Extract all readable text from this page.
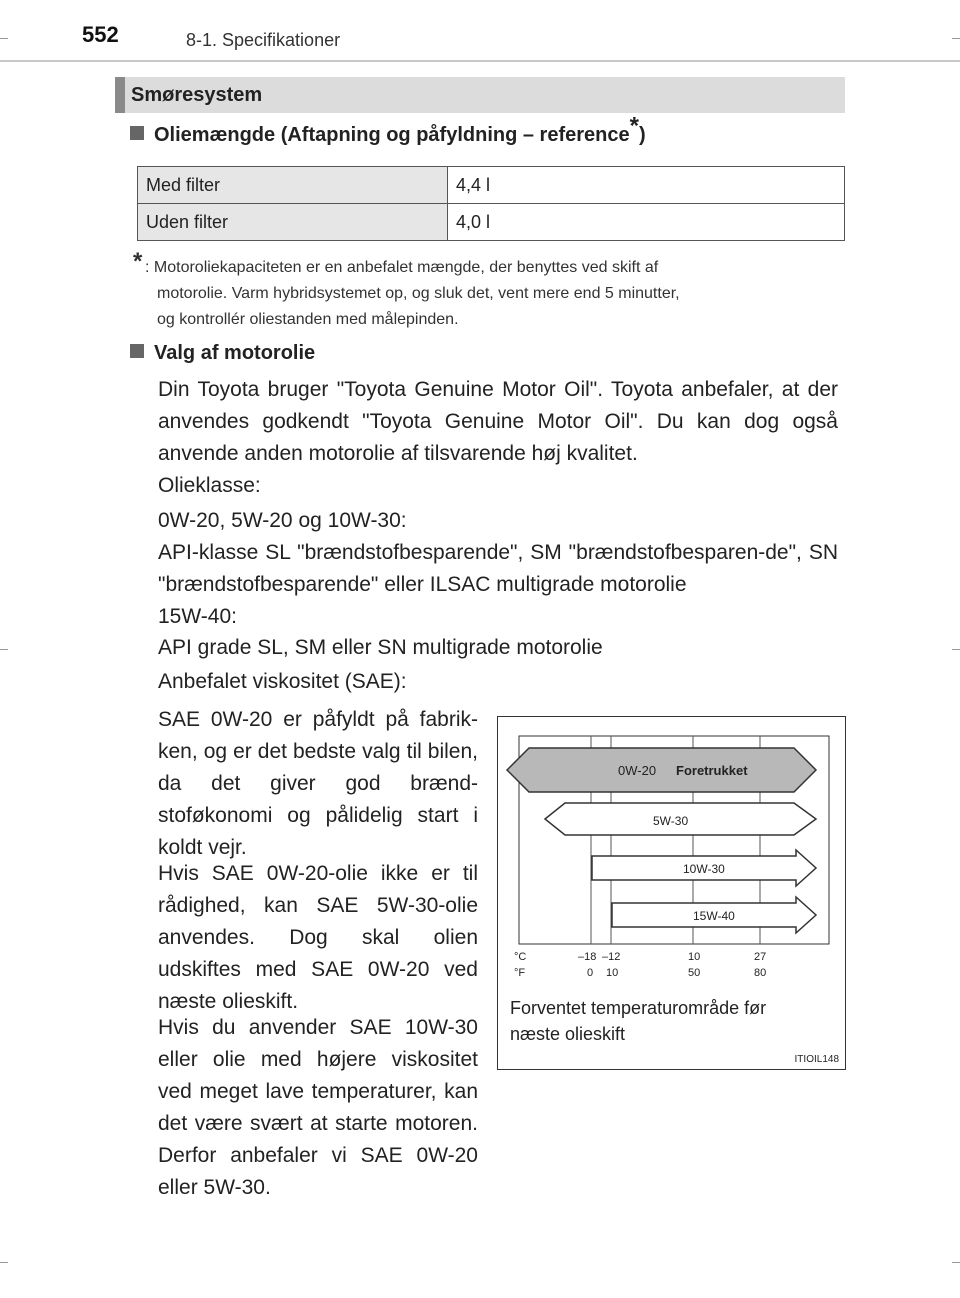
552	8-1. Specifikationer
Smøresystem
Oliemængde (Aftapning og påfyldning – reference*)
Med filter	4,4 l
Uden filter	4,0 l
* : Motoroliekapaciteten er en anbefalet mængde, der benyttes ved skift af
motorolie. Varm hybridsystemet op, og sluk det, vent mere end 5 minutter,
og kontrollér oliestanden med målepinden.
Valg af motorolie
Din Toyota bruger "Toyota Genuine Motor Oil". Toyota anbefaler, at der anvendes godkendt "Toyota Genuine Motor Oil". Du kan dog også anvende anden motorolie af tilsvarende høj kvalitet.
Olieklasse:
0W-20, 5W-20 og 10W-30:
API-klasse SL "brændstofbesparende", SM "brændstofbesparen-de", SN "brændstofbesparende" eller ILSAC multigrade motorolie
15W-40:
API grade SL, SM eller SN multigrade motorolie
Anbefalet viskositet (SAE):
SAE 0W-20 er påfyldt på fabrik-ken, og er det bedste valg til bilen, da det giver god brænd-stoføkonomi og pålidelig start i koldt vejr.
Hvis SAE 0W-20-olie ikke er til rådighed, kan SAE 5W-30-olie anvendes. Dog skal olien udskiftes med SAE 0W-20 ved næste olieskift.
Hvis du anvender SAE 10W-30 eller olie med højere viskositet ved meget lave temperaturer, kan det være svært at starte motoren. Derfor anbefaler vi SAE 0W-20 eller 5W-30.
0W-20 Foretrukket
5W-30
10W-30
15W-40
°C
°F
–18 –12	10	27
0 10	50	80
Forventet temperaturområde før næste olieskift
ITIOIL148
